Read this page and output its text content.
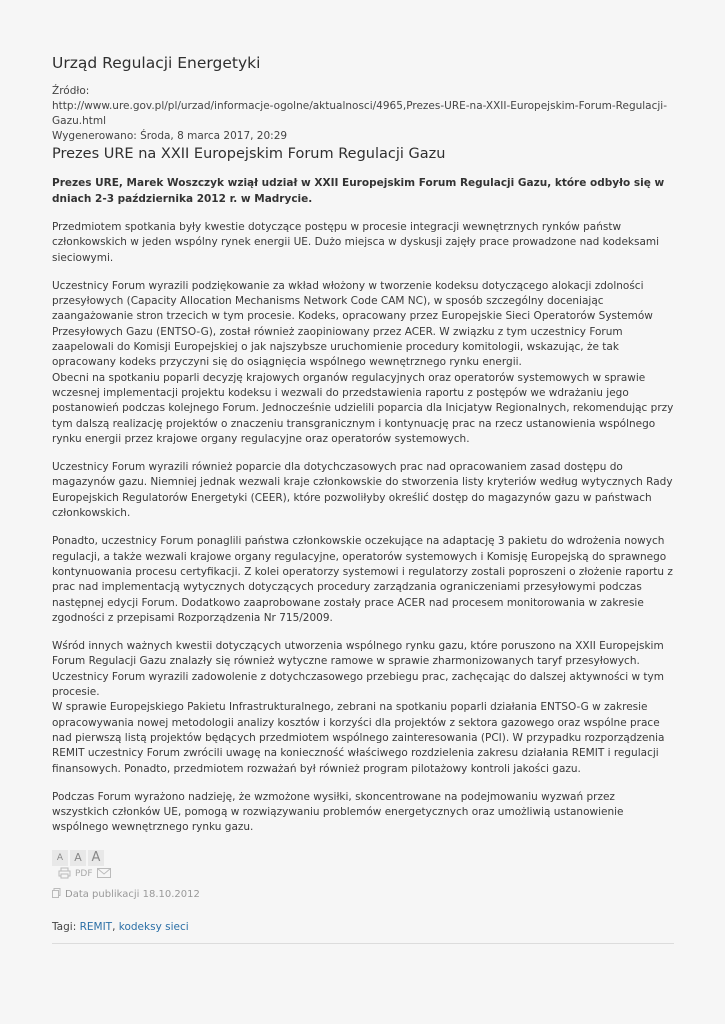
Urząd Regulacji Energetyki
Źródło:
http://www.ure.gov.pl/pl/urzad/informacje-ogolne/aktualnosci/4965,Prezes-URE-na-XXII-Europejskim-Forum-Regulacji-Gazu.html
Wygenerowano: Środa, 8 marca 2017, 20:29
Prezes URE na XXII Europejskim Forum Regulacji Gazu
Prezes URE, Marek Woszczyk wziął udział w XXII Europejskim Forum Regulacji Gazu, które odbyło się w dniach 2-3 października 2012 r. w Madrycie.

Przedmiotem spotkania były kwestie dotyczące postępu w procesie integracji wewnętrznych rynków państw członkowskich w jeden wspólny rynek energii UE. Dużo miejsca w dyskusji zajęły prace prowadzone nad kodeksami sieciowymi.

Uczestnicy Forum wyrazili podziękowanie za wkład włożony w tworzenie kodeksu dotyczącego alokacji zdolności przesyłowych (Capacity Allocation Mechanisms Network Code CAM NC), w sposób szczególny doceniając zaangażowanie stron trzecich w tym procesie. Kodeks, opracowany przez Europejskie Sieci Operatorów Systemów Przesyłowych Gazu (ENTSO-G), został również zaopiniowany przez ACER. W związku z tym uczestnicy Forum zaapelowali do Komisji Europejskiej o jak najszybsze uruchomienie procedury komitologii, wskazując, że tak opracowany kodeks przyczyni się do osiągnięcia wspólnego wewnętrznego rynku energii.

Obecni na spotkaniu poparli decyzję krajowych organów regulacyjnych oraz operatorów systemowych w sprawie wczesnej implementacji projektu kodeksu i wezwali do przedstawienia raportu z postępów we wdrażaniu jego postanowień podczas kolejnego Forum. Jednocześnie udzielili poparcia dla Inicjatyw Regionalnych, rekomendując przy tym dalszą realizację projektów o znaczeniu transgranicznym i kontynuację prac na rzecz ustanowienia wspólnego rynku energii przez krajowe organy regulacyjne oraz operatorów systemowych.

Uczestnicy Forum wyrazili również poparcie dla dotychczasowych prac nad opracowaniem zasad dostępu do magazynów gazu. Niemniej jednak wezwali kraje członkowskie do stworzenia listy kryteriów według wytycznych Rady Europejskich Regulatorów Energetyki (CEER), które pozwoliłyby określić dostęp do magazynów gazu w państwach członkowskich.

Ponadto, uczestnicy Forum ponaglili państwa członkowskie oczekujące na adaptację 3 pakietu do wdrożenia nowych regulacji, a także wezwali krajowe organy regulacyjne, operatorów systemowych i Komisję Europejską do sprawnego kontynuowania procesu certyfikacji. Z kolei operatorzy systemowi i regulatorzy zostali poproszeni o złożenie raportu z prac nad implementacją wytycznych dotyczących procedury zarządzania ograniczeniami przesyłowymi podczas następnej edycji Forum. Dodatkowo zaaprobowane zostały prace ACER nad procesem monitorowania w zakresie zgodności z przepisami Rozporządzenia Nr 715/2009.

Wśród innych ważnych kwestii dotyczących utworzenia wspólnego rynku gazu, które poruszono na XXII Europejskim Forum Regulacji Gazu znalazły się również wytyczne ramowe w sprawie zharmonizowanych taryf przesyłowych. Uczestnicy Forum wyrazili zadowolenie z dotychczasowego przebiegu prac, zachęcając do dalszej aktywności w tym procesie.

W sprawie Europejskiego Pakietu Infrastrukturalnego, zebrani na spotkaniu poparli działania ENTSO-G w zakresie opracowywania nowej metodologii analizy kosztów i korzyści dla projektów z sektora gazowego oraz wspólne prace nad pierwszą listą projektów będących przedmiotem wspólnego zainteresowania (PCI). W przypadku rozporządzenia REMIT uczestnicy Forum zwrócili uwagę na konieczność właściwego rozdzielenia zakresu działania REMIT i regulacji finansowych. Ponadto, przedmiotem rozważań był również program pilotażowy kontroli jakości gazu.

Podczas Forum wyrażono nadzieję, że wzmożone wysiłki, skoncentrowane na podejmowaniu wyzwań przez wszystkich członków UE, pomogą w rozwiązywaniu problemów energetycznych oraz umożliwią ustanowienie wspólnego wewnętrznego rynku gazu.

A	A A
PDF
Data publikacji 18.10.2012
Tagi: REMIT, kodeksy sieci
